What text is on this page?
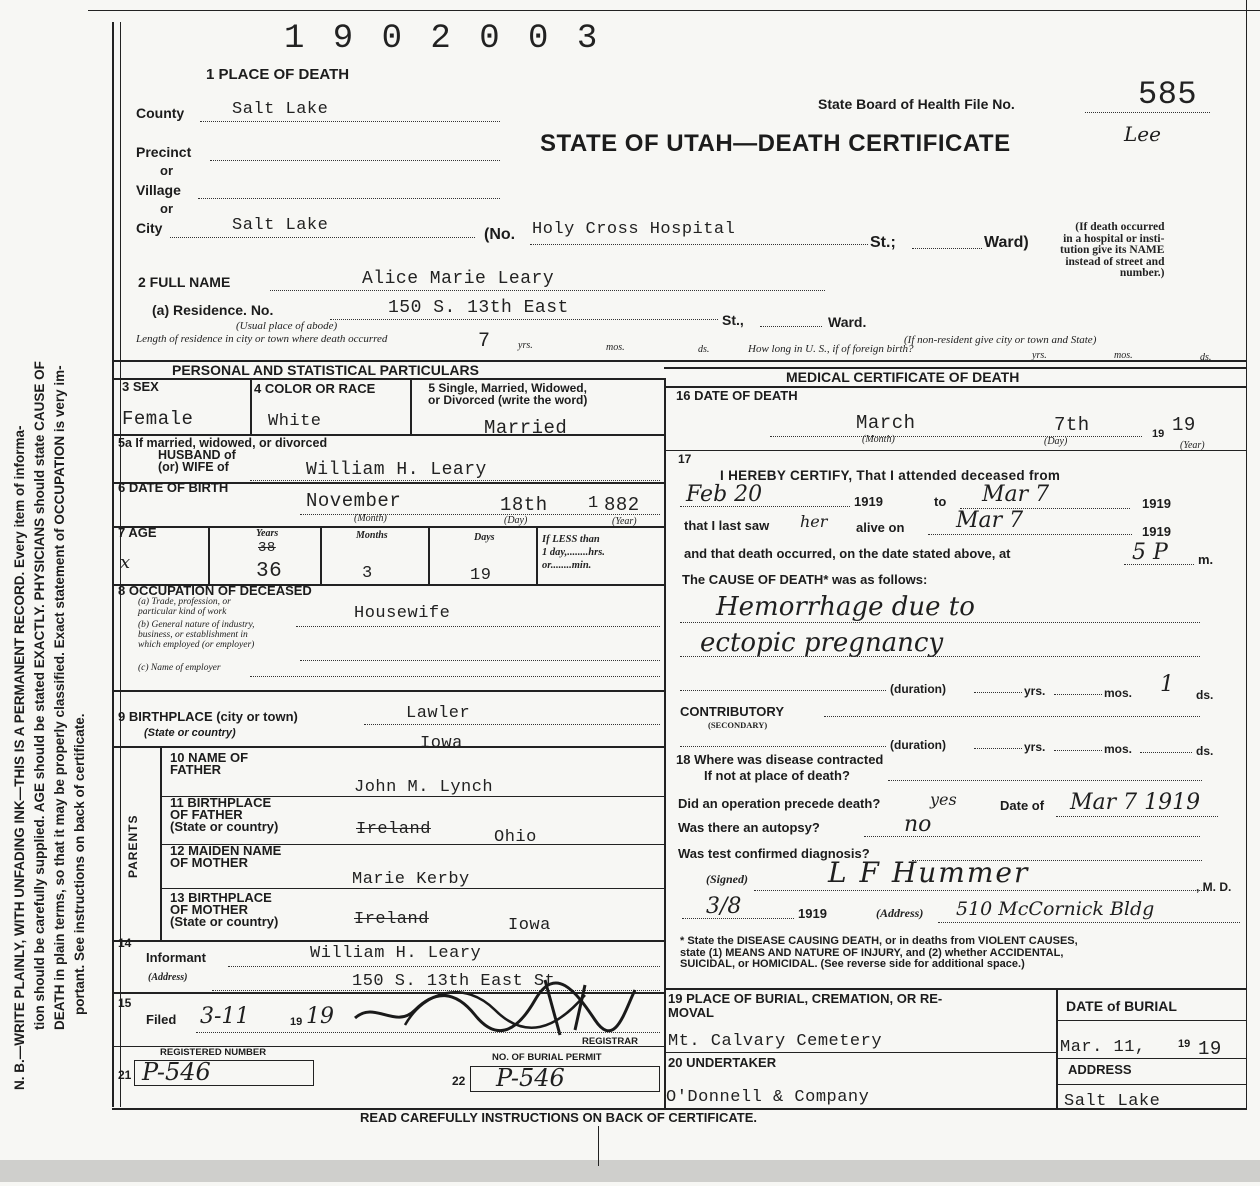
N. B.—WRITE PLAINLY, WITH UNFADING INK—THIS IS A PERMANENT RECORD. Every item of informa- tion should be carefully supplied. AGE should be stated EXACTLY. PHYSICIANS should state CAUSE OF DEATH in plain terms, so that it may be properly classified. Exact statement of OCCUPATION is very im- portant. See instructions on back of certificate.
1 9 0 2 0 0 3
1 PLACE OF DEATH
State Board of Health File No.	585
Lee
STATE OF UTAH—DEATH CERTIFICATE
County	Salt Lake
Precinct
or
Village
or
City	Salt Lake	(No. Holy Cross Hospital
St.;	Ward)
(If death occurred
in a hospital or insti-
tution give its NAME
instead of street and
number.)
2 FULL NAME	Alice Marie Leary
(a) Residence. No.	150 S. 13th East
St.,	Ward.
(Usual place of abode)
Length of residence in city or town where death occurred	7	yrs.	mos.	ds.	How long in U. S., if of foreign birth?
(If non-resident give city or town and State)
yrs.	mos.	ds.
PERSONAL AND STATISTICAL PARTICULARS	MEDICAL CERTIFICATE OF DEATH
3 SEX	4 COLOR OR RACE	5 Single, Married, Widowed,
or Divorced (write the word)
Female	White	Married
5a If married, widowed, or divorced
HUSBAND of
(or) WIFE of	William H. Leary
6 DATE OF BIRTH
November	18th 1 882
(Month)	(Day)	(Year)
7 AGE	Years	Months	Days	If LESS than
1 day,........hrs.
or........min.
x
38
36	3	19
8 OCCUPATION OF DECEASED
(a) Trade, profession, or
particular kind of work
(b) General nature of industry,
business, or establishment in
which employed (or employer)
(c) Name of employer
Housewife
9 BIRTHPLACE (city or town)
(State or country)
Lawler
Iowa
PARENTS
10 NAME OF
FATHER
John M. Lynch
11 BIRTHPLACE
OF FATHER
(State or country)	Ireland	Ohio
12 MAIDEN NAME
OF MOTHER
Marie Kerby
13 BIRTHPLACE
OF MOTHER
(State or country)	Ireland	Iowa
14
Informant	William H. Leary
(Address)	150 S. 13th East St.
15
Filed 3-11	19 19
REGISTRAR
REGISTERED NUMBER	NO. OF BURIAL PERMIT
21 P-546	22 P-546
16 DATE OF DEATH
March	7th	19 19
(Month)	(Day)	(Year)
17
I HEREBY CERTIFY, That I attended deceased from
Feb 20	1919	to Mar 7	1919
that I last saw her alive on Mar 7	1919
and that death occurred, on the date stated above, at	5 P m.
The CAUSE OF DEATH* was as follows:
Hemorrhage due to
ectopic pregnancy
(duration)	yrs.	mos. 1 ds.
CONTRIBUTORY
(SECONDARY)
(duration)	yrs.	mos.	ds.
18 Where was disease contracted
If not at place of death?
Did an operation precede death?	yes	Date of Mar 7 1919
Was there an autopsy?	no
Was test confirmed diagnosis?
(Signed)	L F Hummer	, M. D.
3/8	1919	(Address) 510 McCornick Bldg
* State the DISEASE CAUSING DEATH, or in deaths from VIOLENT CAUSES,
state (1) MEANS AND NATURE OF INJURY, and (2) whether ACCIDENTAL,
SUICIDAL, or HOMICIDAL. (See reverse side for additional space.)
19 PLACE OF BURIAL, CREMATION, OR RE-
MOVAL	DATE of BURIAL
Mt. Calvary Cemetery	Mar. 11,	19 19
20 UNDERTAKER	ADDRESS
O'Donnell & Company	Salt Lake
READ CAREFULLY INSTRUCTIONS ON BACK OF CERTIFICATE.
